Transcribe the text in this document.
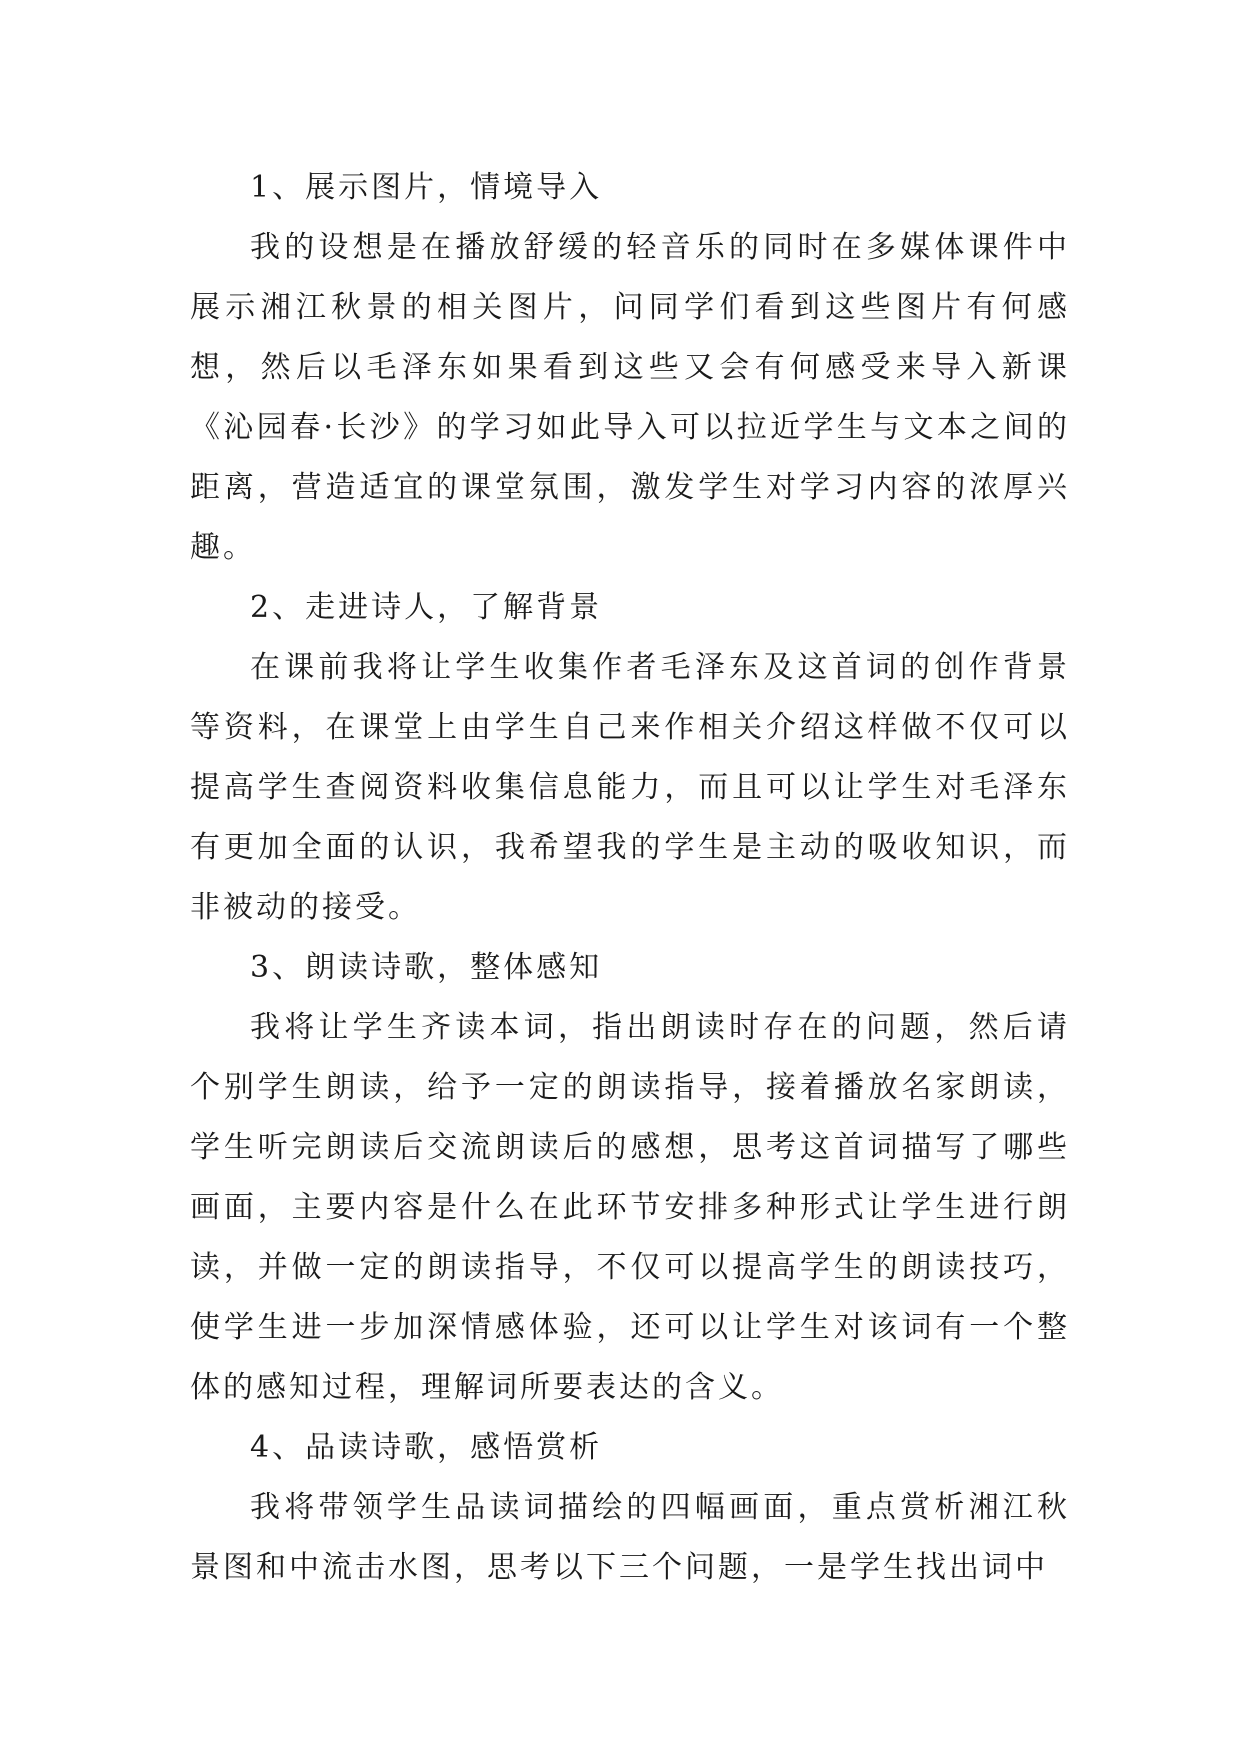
1、展示图片，情境导入

我的设想是在播放舒缓的轻音乐的同时在多媒体课件中展示湘江秋景的相关图片，问同学们看到这些图片有何感想，然后以毛泽东如果看到这些又会有何感受来导入新课《沁园春·长沙》的学习如此导入可以拉近学生与文本之间的距离，营造适宜的课堂氛围，激发学生对学习内容的浓厚兴趣。

2、走进诗人，了解背景

在课前我将让学生收集作者毛泽东及这首词的创作背景等资料，在课堂上由学生自己来作相关介绍这样做不仅可以提高学生查阅资料收集信息能力，而且可以让学生对毛泽东有更加全面的认识，我希望我的学生是主动的吸收知识，而非被动的接受。

3、朗读诗歌，整体感知

我将让学生齐读本词，指出朗读时存在的问题，然后请个别学生朗读，给予一定的朗读指导，接着播放名家朗读，学生听完朗读后交流朗读后的感想，思考这首词描写了哪些画面，主要内容是什么在此环节安排多种形式让学生进行朗读，并做一定的朗读指导，不仅可以提高学生的朗读技巧，使学生进一步加深情感体验，还可以让学生对该词有一个整体的感知过程，理解词所要表达的含义。

4、品读诗歌，感悟赏析

我将带领学生品读词描绘的四幅画面，重点赏析湘江秋景图和中流击水图，思考以下三个问题，一是学生找出词中
